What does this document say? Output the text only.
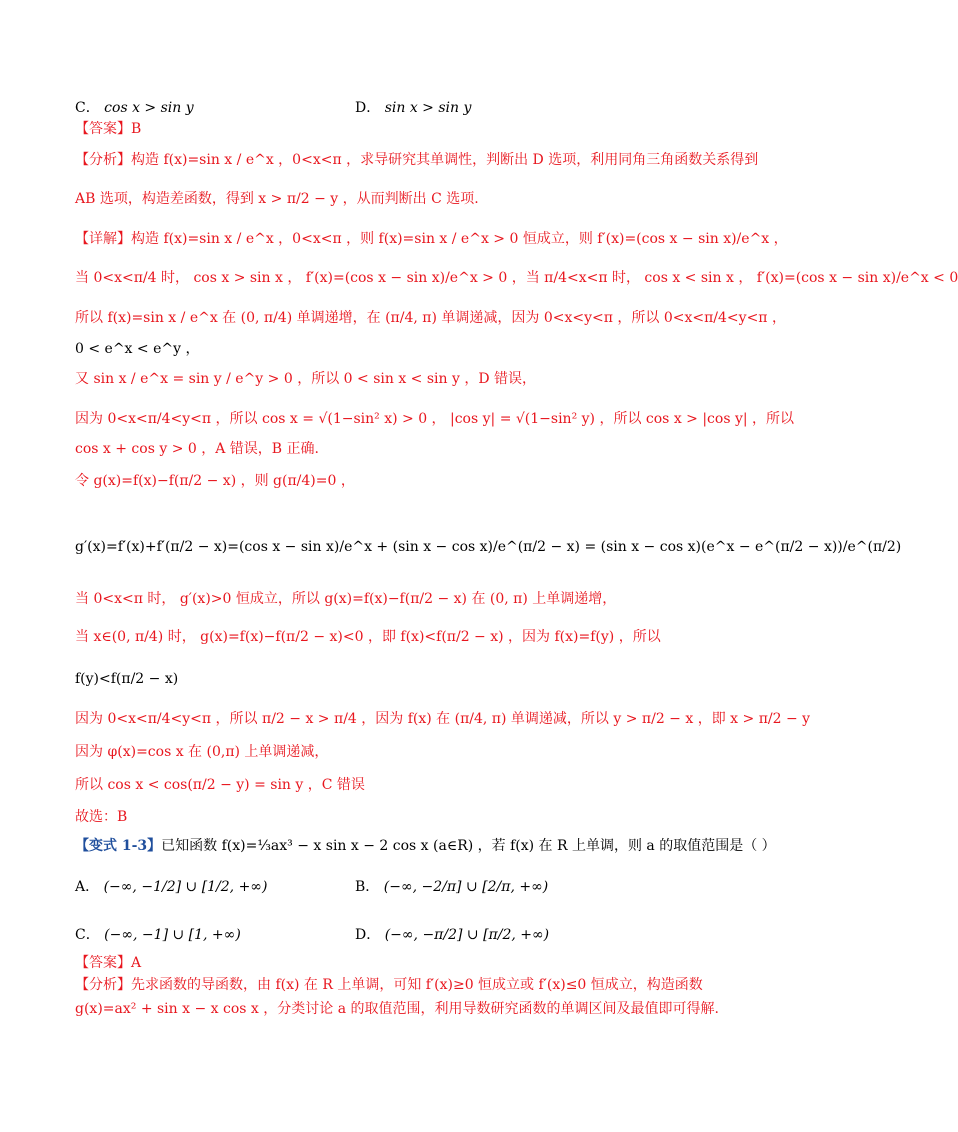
C． cos x > sin y	D． sin x > sin y
【答案】B
【分析】构造 f(x)=sin x / e^x ，0<x<π ，求导研究其单调性，判断出 D 选项，利用同角三角函数关系得到
AB 选项，构造差函数，得到 x > π/2 − y ，从而判断出 C 选项.
【详解】构造 f(x)=sin x / e^x ，0<x<π ，则 f(x)=sin x / e^x > 0 恒成立，则 f′(x)=(cos x − sin x)/e^x ，
当 0<x<π/4 时， cos x > sin x ， f′(x)=(cos x − sin x)/e^x > 0 ，当 π/4<x<π 时， cos x < sin x ， f′(x)=(cos x − sin x)/e^x < 0
所以 f(x)=sin x / e^x 在 (0, π/4) 单调递增，在 (π/4, π) 单调递减，因为 0<x<y<π ，所以 0<x<π/4<y<π ，
0 < e^x < e^y ，
又 sin x / e^x = sin y / e^y > 0 ，所以 0 < sin x < sin y ，D 错误，
因为 0<x<π/4<y<π ，所以 cos x = √(1−sin² x) > 0 ， |cos y| = √(1−sin² y) ，所以 cos x > |cos y| ，所以
cos x + cos y > 0 ，A 错误，B 正确.
令 g(x)=f(x)−f(π/2 − x) ，则 g(π/4)=0 ，
g′(x)=f′(x)+f′(π/2 − x)=(cos x − sin x)/e^x + (sin x − cos x)/e^(π/2 − x) = (sin x − cos x)(e^x − e^(π/2 − x))/e^(π/2)
当 0<x<π 时， g′(x)>0 恒成立，所以 g(x)=f(x)−f(π/2 − x) 在 (0, π) 上单调递增，
当 x∈(0, π/4) 时， g(x)=f(x)−f(π/2 − x)<0 ，即 f(x)<f(π/2 − x) ，因为 f(x)=f(y) ，所以
f(y)<f(π/2 − x)
因为 0<x<π/4<y<π ，所以 π/2 − x > π/4 ，因为 f(x) 在 (π/4, π) 单调递减，所以 y > π/2 − x ，即 x > π/2 − y
因为 φ(x)=cos x 在 (0,π) 上单调递减，
所以 cos x < cos(π/2 − y) = sin y ，C 错误
故选：B
【变式 1-3】已知函数 f(x)=⅓ax³ − x sin x − 2 cos x (a∈R) ，若 f(x) 在 R 上单调，则 a 的取值范围是（ ）
A． (−∞, −1/2] ∪ [1/2, +∞)	B． (−∞, −2/π] ∪ [2/π, +∞)
C． (−∞, −1] ∪ [1, +∞)	D． (−∞, −π/2] ∪ [π/2, +∞)
【答案】A
【分析】先求函数的导函数，由 f(x) 在 R 上单调，可知 f′(x)≥0 恒成立或 f′(x)≤0 恒成立，构造函数
g(x)=ax² + sin x − x cos x ，分类讨论 a 的取值范围，利用导数研究函数的单调区间及最值即可得解.
